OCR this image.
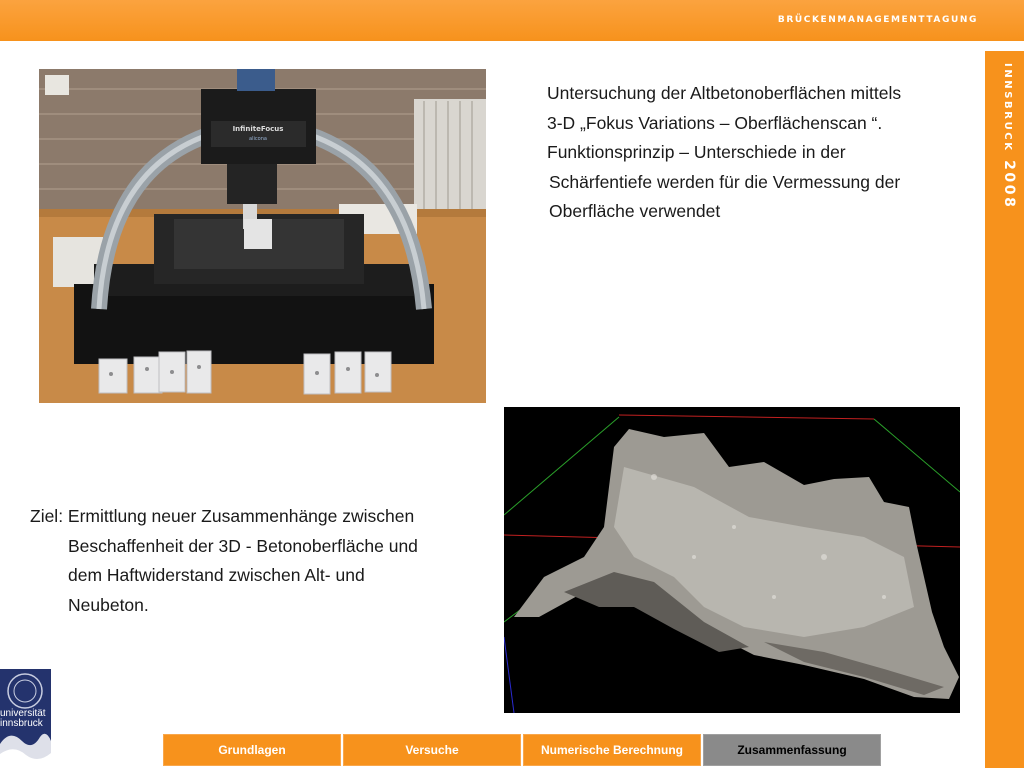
brückenmanagementtagung
innsbruck 2008
InfiniteFocus
alicona
Untersuchung der Altbetonoberflächen mittels
3-D „Fokus Variations – Oberflächenscan “.
Funktionsprinzip – Unterschiede in der
Schärfentiefe werden für die Vermessung der
Oberfläche verwendet
Ziel: Ermittlung neuer Zusammenhänge zwischen
Beschaffenheit der 3D - Betonoberfläche und
dem Haftwiderstand zwischen Alt- und
Neubeton.
universität
innsbruck
Grundlagen	Versuche	Numerische Berechnung	Zusammenfassung
